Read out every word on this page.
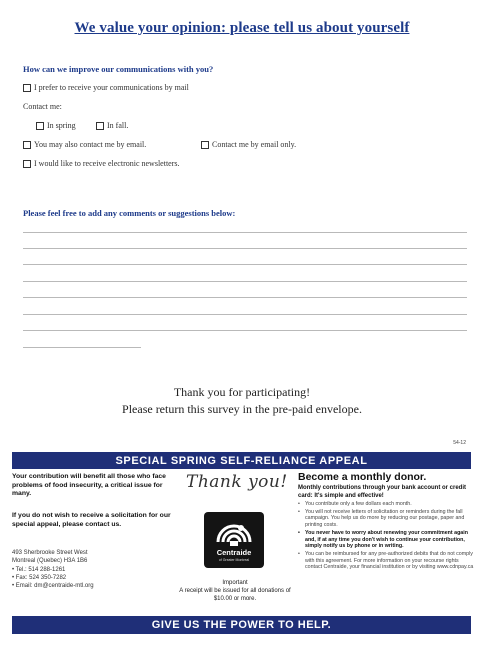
We value your opinion: please tell us about yourself
How can we improve our communications with you?
I prefer to receive your communications by mail
Contact me:
In spring	In fall.
You may also contact me by email.	Contact me by email only.
I would like to receive electronic newsletters.
Please feel free to add any comments or suggestions below:
Thank you for participating!
Please return this survey in the pre-paid envelope.
54-12
SPECIAL SPRING SELF-RELIANCE APPEAL
Your contribution will benefit all those who face problems of food insecurity, a critical issue for many.
If you do not wish to receive a solicitation for our special appeal, please contact us.
493 Sherbrooke Street West
Montreal (Quebec) H3A 1B6
• Tel.: 514 288-1261
• Fax: 524 350-7282
• Email: dm@centraide-mtl.org
Thank you!
Centraide
of Greater Montreal
Important
A receipt will be issued for all donations of $10.00 or more.
Become a monthly donor.
Monthly contributions through your bank account or credit card: It's simple and effective!
• You contribute only a few dollars each month.
• You will not receive letters of solicitation or reminders during the fall campaign. You help us do more by reducing our postage, paper and printing costs.
• You never have to worry about renewing your commitment again and, if at any time you don't wish to continue your contribution, simply notify us by phone or in writing.
• You can be reimbursed for any pre-authorized debits that do not comply with this agreement. For more information on your recourse rights contact Centraide, your financial institution or by visiting www.cdnpay.ca
GIVE US THE POWER TO HELP.
